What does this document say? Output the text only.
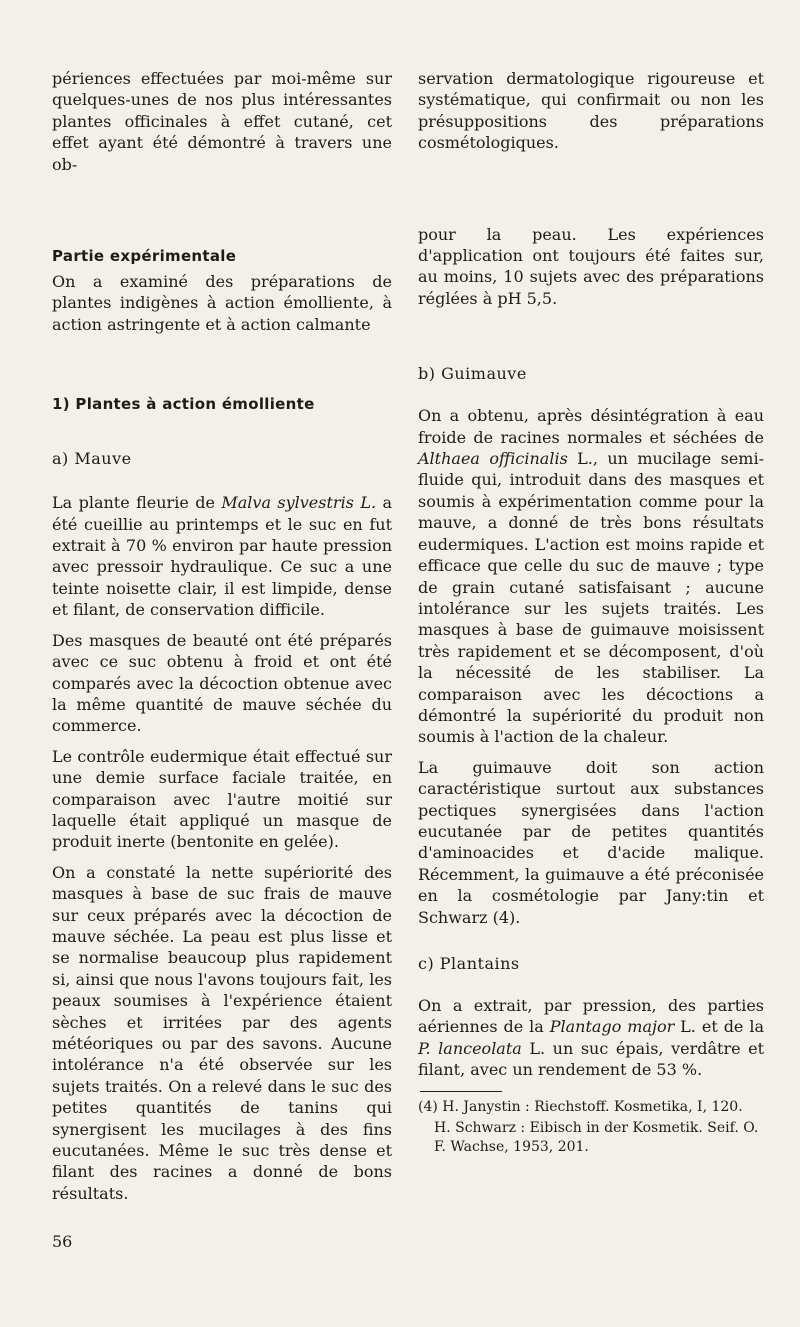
périences effectuées par moi-même sur quelques-unes de nos plus intéressantes plantes officinales à effet cutané, cet effet ayant été démontré à travers une ob-

Partie expérimentale

On a examiné des préparations de plantes indigènes à action émolliente, à action astringente et à action calmante

1) Plantes à action émolliente
a) Mauve

La plante fleurie de Malva sylvestris L. a été cueillie au printemps et le suc en fut extrait à 70 % environ par haute pression avec pressoir hydraulique. Ce suc a une teinte noisette clair, il est limpide, dense et filant, de conservation difficile.

Des masques de beauté ont été préparés avec ce suc obtenu à froid et ont été comparés avec la décoction obtenue avec la même quantité de mauve séchée du commerce.

Le contrôle eudermique était effectué sur une demie surface faciale traitée, en comparaison avec l'autre moitié sur laquelle était appliqué un masque de produit inerte (bentonite en gelée).

On a constaté la nette supériorité des masques à base de suc frais de mauve sur ceux préparés avec la décoction de mauve séchée. La peau est plus lisse et se normalise beaucoup plus rapidement si, ainsi que nous l'avons toujours fait, les peaux soumises à l'expérience étaient sèches et irritées par des agents météoriques ou par des savons. Aucune intolérance n'a été observée sur les sujets traités. On a relevé dans le suc des petites quantités de tanins qui synergisent les mucilages à des fins eucutanées. Même le suc très dense et filant des racines a donné de bons résultats.

56

servation dermatologique rigoureuse et systématique, qui confirmait ou non les présuppositions des préparations cosmétologiques.

pour la peau. Les expériences d'application ont toujours été faites sur, au moins, 10 sujets avec des préparations réglées à pH 5,5.

b) Guimauve

On a obtenu, après désintégration à eau froide de racines normales et séchées de Althaea officinalis L., un mucilage semi-fluide qui, introduit dans des masques et soumis à expérimentation comme pour la mauve, a donné de très bons résultats eudermiques. L'action est moins rapide et efficace que celle du suc de mauve ; type de grain cutané satisfaisant ; aucune intolérance sur les sujets traités. Les masques à base de guimauve moisissent très rapidement et se décomposent, d'où la nécessité de les stabiliser. La comparaison avec les décoctions a démontré la supériorité du produit non soumis à l'action de la chaleur.

La guimauve doit son action caractéristique surtout aux substances pectiques synergisées dans l'action eucutanée par de petites quantités d'aminoacides et d'acide malique. Récemment, la guimauve a été préconisée en la cosmétologie par Jany:tin et Schwarz (4).

c) Plantains

On a extrait, par pression, des parties aériennes de la Plantago major L. et de la P. lanceolata L. un suc épais, verdâtre et filant, avec un rendement de 53 %.

(4) H. Janystin : Riechstoff. Kosmetika, I, 120.

H. Schwarz : Eibisch in der Kosmetik. Seif. O. F. Wachse, 1953, 201.
